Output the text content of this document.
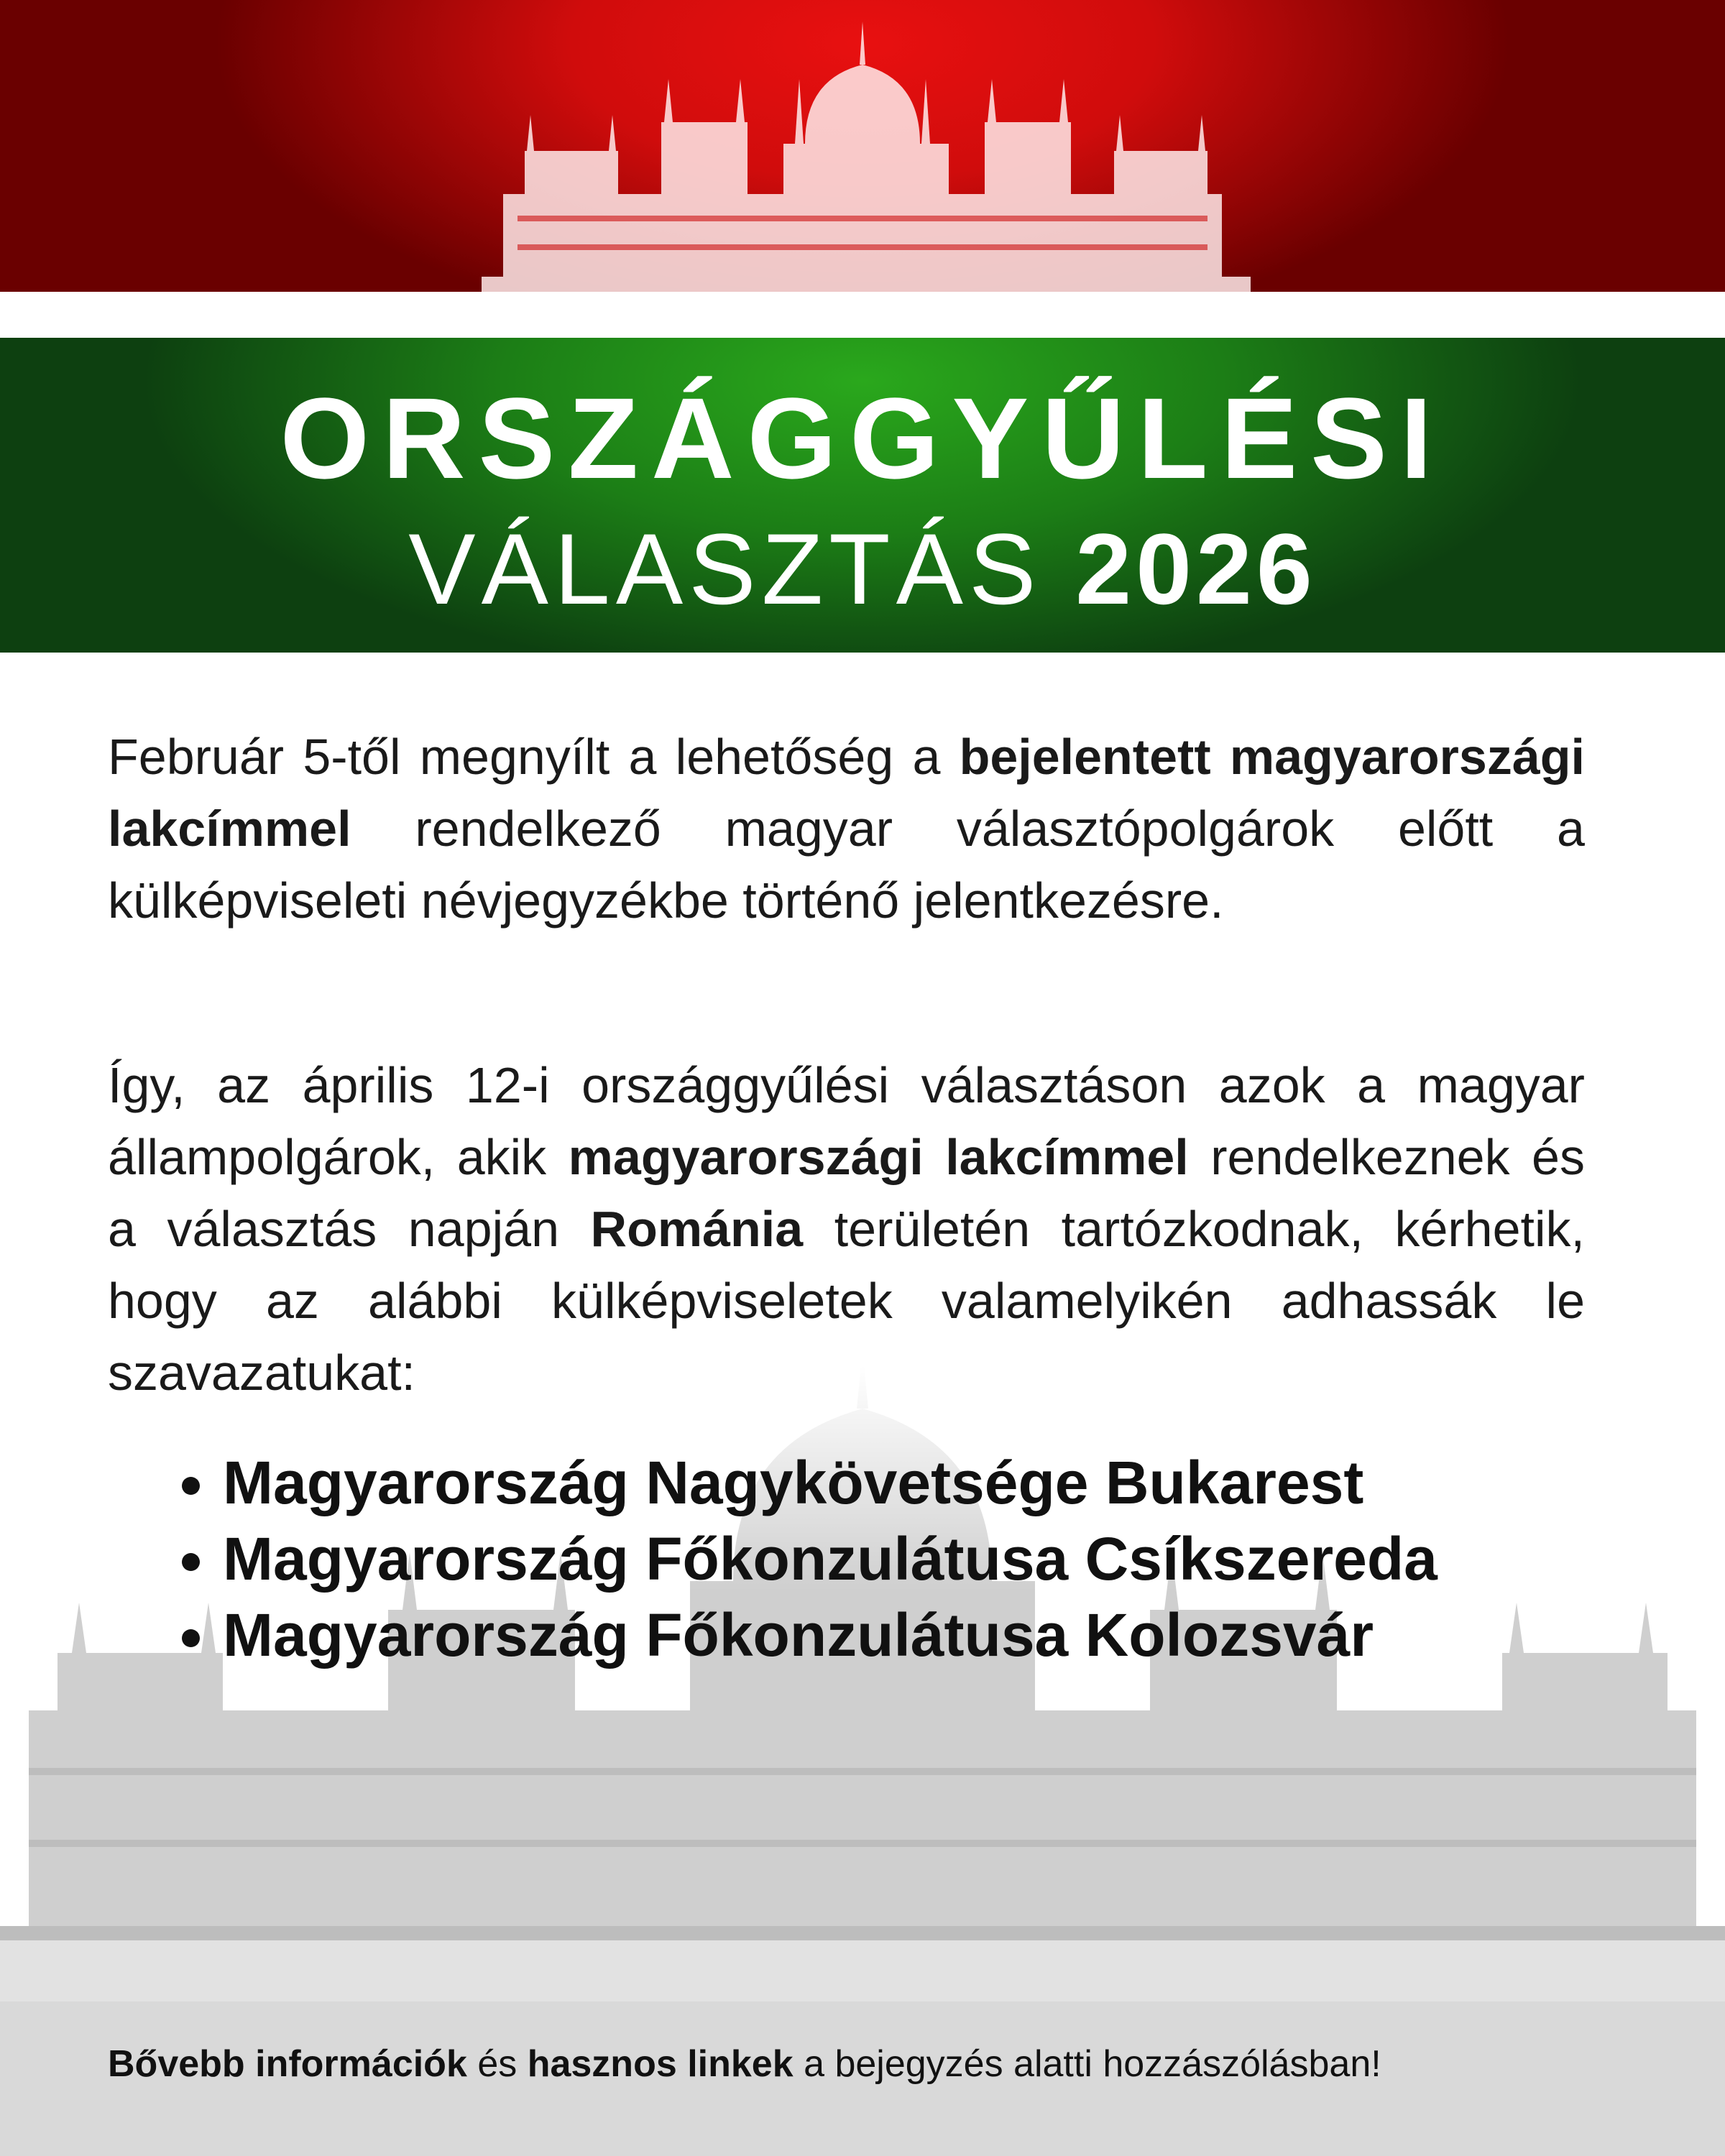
ORSZÁGGYŰLÉSI
VÁLASZTÁS 2026
Február 5-től megnyílt a lehetőség a bejelentett magyarországi lakcímmel rendelkező magyar választópolgárok előtt a külképviseleti névjegyzékbe történő jelentkezésre.
Így, az április 12-i országgyűlési választáson azok a magyar állampolgárok, akik magyarországi lakcímmel rendelkeznek és a választás napján Románia területén tartózkodnak, kérhetik, hogy az alábbi külképviseletek valamelyikén adhassák le szavazatukat:
• Magyarország Nagykövetsége Bukarest
• Magyarország Főkonzulátusa Csíkszereda
• Magyarország Főkonzulátusa Kolozsvár
Bővebb információk és hasznos linkek a bejegyzés alatti hozzászólásban!
